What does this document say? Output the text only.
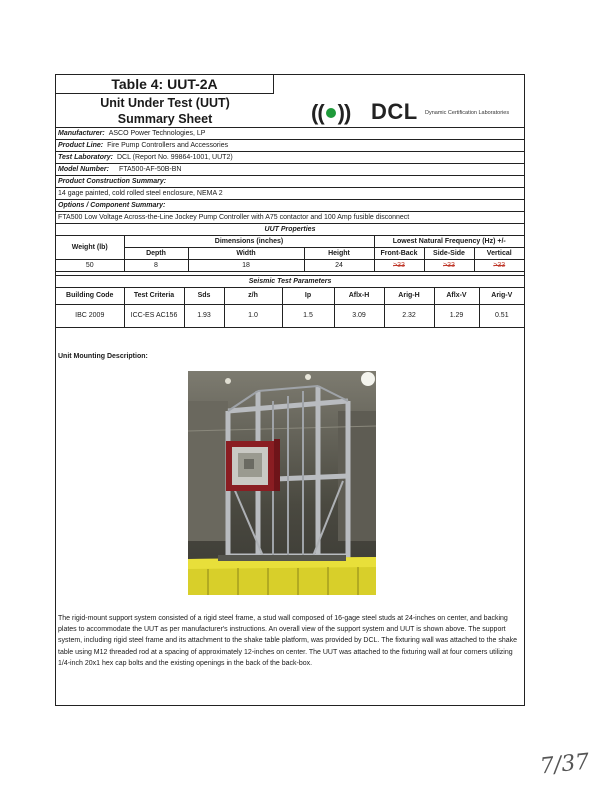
Table 4: UUT-2A
Unit Under Test (UUT)
Summary Sheet	(( )) DCL Dynamic Certification Laboratories
Manufacturer: ASCO Power Technologies, LP
Product Line: Fire Pump Controllers and Accessories
Test Laboratory: DCL (Report No. 99864-1001, UUT2)
Model Number: FTA500-AF-50B-BN
Product Construction Summary:
14 gage painted, cold rolled steel enclosure, NEMA 2
Options / Component Summary:
FTA500 Low Voltage Across-the-Line Jockey Pump Controller with A75 contactor and 100 Amp fusible disconnect
UUT Properties						
Weight (lb)	Dimensions (inches)			Lowest Natural Frequency (Hz) +/-		
	Depth	Width	Height	Front-Back	Side-Side	Vertical
50	8	18	24	>33	>33	>33
Seismic Test Parameters								
Building Code	Test Criteria	Sds	z/h	Ip	Aflx-H	Arig-H	Aflx-V	Arig-V
IBC 2009	ICC-ES AC156	1.93	1.0	1.5	3.09	2.32	1.29	0.51
Unit Mounting Description:
The rigid-mount support system consisted of a rigid steel frame, a stud wall composed of 16-gage steel studs at 24-inches on center, and backing plates to accommodate the UUT as per manufacturer's instructions. An overall view of the support system and UUT is shown above. The support system, including rigid steel frame and its attachment to the shake table platform, was provided by DCL. The fixturing wall was attached to the shake table using M12 threaded rod at a spacing of approximately 12-inches on center. The UUT was attached to the fixturing wall at four corners utilizing 1/4-inch 20x1 hex cap bolts and the existing openings in the back of the back-box.
7/37
